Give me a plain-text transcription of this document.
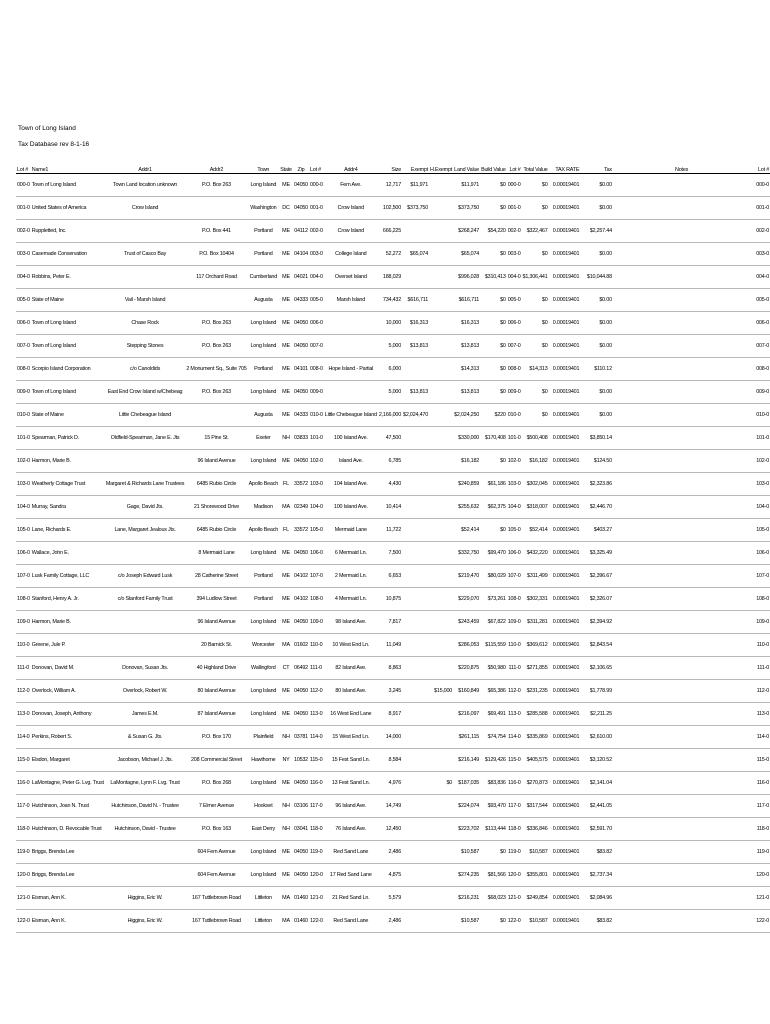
Town of Long Island
Tax Database rev 8-1-16
Lot #	Name1	Addr1	Addr2	Town	State	Zip	Lot #	Addr4	Size	Exempt	H.Exempt	Land Value	Build Value	Lot #	Total Value	TAX RATE	Tax	Notes	Lot #
000-0	Town of Long Island	Town Land location unknown	P.O. Box 263	Long Island	ME	04050	000-0	Fern Ave.	12,717	$11,971		$11,971	$0	000-0	$0	0.00019401	$0.00		000-0
001-0	United States of America	Crow Island		Washington	DC	04050	001-0	Crow Island	102,500	$373,750		$373,750	$0	001-0	$0	0.00019401	$0.00		001-0
002-0	Ruppletted, Inc.		P.O. Box 441	Portland	ME	04112	002-0	Crow Island	666,225			$268,247	$54,220	002-0	$322,467	0.00019401	$2,257.44		002-0
003-0	Casemade Conservation	Trust of Casco Bay	P.O. Box 10404	Portland	ME	04104	003-0	College Island	52,272	$65,074		$65,074	$0	003-0	$0	0.00019401	$0.00		003-0
004-0	Robbins, Peter E.		117 Orchard Road	Cumberland	ME	04021	004-0	Overset Island	188,029			$996,028	$310,413	004-0	$1,306,441	0.00019401	$10,044.88		004-0
005-0	State of Maine	Vail - Marsh Island		Augusta	ME	04333	005-0	Marsh Island	734,432	$616,711		$616,711	$0	005-0	$0	0.00019401	$0.00		005-0
006-0	Town of Long Island	Chase Rock	P.O. Box 263	Long Island	ME	04050	006-0		10,000	$16,313		$16,313	$0	006-0	$0	0.00019401	$0.00		006-0
007-0	Town of Long Island	Stepping Stones	P.O. Box 263	Long Island	ME	04050	007-0		5,000	$13,813		$13,813	$0	007-0	$0	0.00019401	$0.00		007-0
008-0	Scorpio Island Corporation	c/o Canoldids	2 Monument Sq., Suite 705	Portland	ME	04101	008-0	Hope Island - Partial	6,000			$14,313	$0	008-0	$14,313	0.00019401	$110.12		008-0
009-0	Town of Long Island	East End Crow Island w/Chebeag	P.O. Box 263	Long Island	ME	04050	009-0		5,000	$13,813		$13,813	$0	009-0	$0	0.00019401	$0.00		009-0
010-0	State of Maine	Little Chebeague Island		Augusta	ME	04333	010-0	Little Chebeague Island	2,166,000	$2,024,470		$2,024,250	$220	010-0	$0	0.00019401	$0.00		010-0
101-0	Spearman, Patrick D.	Oldfield-Spearman, Jane E. Jts	15 Pine St.	Exeter	NH	03833	101-0	100 Island Ave.	47,500			$330,000	$170,408	101-0	$500,408	0.00019401	$3,850.14		101-0
102-0	Harmon, Marie B.		96 Island Avenue	Long Island	ME	04050	102-0	Island Ave.	6,785			$16,182	$0	102-0	$16,182	0.00019401	$124.50		102-0
103-0	Weatherly Cottage Trust	Margaret & Richards Lane Trustees	6485 Rubio Circle	Apollo Beach	FL	33572	103-0	104 Island Ave.	4,430			$240,859	$61,186	103-0	$302,045	0.00019401	$2,323.86		103-0
104-0	Murray, Sandra	Gage, David Jts.	21 Shorewood Drive	Madison	MA	02349	104-0	100 Island Ave.	10,414			$255,632	$62,375	104-0	$318,007	0.00019401	$2,446.70		104-0
105-0	Lane, Richards E.	Lane, Margaret Jealous Jts.	6485 Rubio Circle	Apollo Beach	FL	33572	105-0	Mermaid Lane	11,722			$52,414	$0	105-0	$52,414	0.00019401	$403.27		105-0
106-0	Wallace, John E.		8 Mermaid Lane	Long Island	ME	04050	106-0	6 Mermaid Ln.	7,500			$332,750	$99,470	106-0	$432,220	0.00019401	$3,325.49		106-0
107-0	Lusk Family Cottage, LLC	c/o Joseph Edward Lusk	28 Catherine Street	Portland	ME	04102	107-0	2 Mermaid Ln.	6,653			$219,470	$80,029	107-0	$311,499	0.00019401	$2,396.67		107-0
108-0	Stanford, Henry A. Jr.	c/o Stanford Family Trust	394 Ludlow Street	Portland	ME	04102	108-0	4 Mermaid Ln.	10,875			$229,070	$73,261	108-0	$302,331	0.00019401	$2,326.07		108-0
109-0	Harmon, Marie B.		96 Island Avenue	Long Island	ME	04050	109-0	98 Island Ave.	7,817			$243,459	$67,822	109-0	$311,281	0.00019401	$2,394.92		109-0
110-0	Greene, Jule P.		20 Barnick St.	Worcester	MA	01602	110-0	10 West End Ln.	11,049			$286,053	$115,559	110-0	$369,612	0.00019401	$2,843.54		110-0
111-0	Donovan, David M.	Donovan, Susan Jts.	40 Highland Drive	Wallingford	CT	06492	111-0	82 Island Ave.	8,863			$220,875	$50,980	111-0	$271,855	0.00019401	$2,106.65		111-0
112-0	Overlock, William A.	Overlock, Robert W.	80 Island Avenue	Long Island	ME	04050	112-0	80 Island Ave.	3,245		$15,000	$160,849	$65,386	112-0	$231,235	0.00019401	$1,778.99		112-0
113-0	Donovan, Joseph, Anthony	James E.M.	87 Island Avenue	Long Island	ME	04050	113-0	16 West End Lane	8,917			$216,097	$69,491	113-0	$285,588	0.00019401	$2,211.25		113-0
114-0	Perkins, Robert S.	& Susan G. Jts.	P.O. Box 170	Plainfield	NH	03781	114-0	15 West End Ln.	14,000			$261,115	$74,754	114-0	$335,869	0.00019401	$2,610.00		114-0
115-0	Elsdon, Margaret	Jacobson, Michael J. Jts.	208 Commercial Street	Hawthorne	NY	10532	115-0	15 Fest Sand Ln.	8,584			$216,149	$129,426	115-0	$405,575	0.00019401	$3,120.52		115-0
116-0	LaMontagne, Peter G. Lvg. Trust	LaMontagne, Lynn F. Lvg. Trust	P.O. Box 268	Long Island	ME	04050	116-0	13 Fest Sand Ln.	4,976		$0	$187,035	$83,836	116-0	$270,873	0.00019401	$2,141.04		116-0
117-0	Hutchinson, Joan N. Trust	Hutchinson, David N. - Trustee	7 Elmer Avenue	Hookset	NH	03106	117-0	96 Island Ave.	14,749			$224,074	$93,470	117-0	$317,544	0.00019401	$2,441.05		117-0
118-0	Hutchinson, D. Revocable Trust	Hutchinson, David - Trustee	P.O. Box 163	East Derry	NH	03041	118-0	76 Island Ave.	12,450			$223,702	$113,444	118-0	$336,846	0.00019401	$2,591.70		118-0
119-0	Briggs, Brenda Lee		604 Fern Avenue	Long Island	ME	04050	119-0	Red Sand Lane	2,486			$10,587	$0	119-0	$10,587	0.00019401	$83.82		119-0
120-0	Briggs, Brenda Lee		604 Fern Avenue	Long Island	ME	04050	120-0	17 Red Sand Lane	4,875			$274,235	$81,566	120-0	$355,801	0.00019401	$2,737.34		120-0
121-0	Eisman, Ann K.	Higgins, Eric W.	167 Tuttlebrown Road	Littleton	MA	01460	121-0	21 Red Sand Ln.	5,579			$216,231	$68,023	121-0	$249,854	0.00019401	$2,084.96		121-0
122-0	Eisman, Ann K.	Higgins, Eric W.	167 Tuttlebrown Road	Littleton	MA	01460	122-0	Red Sand Lane	2,486			$10,587	$0	122-0	$10,587	0.00019401	$83.82		122-0
